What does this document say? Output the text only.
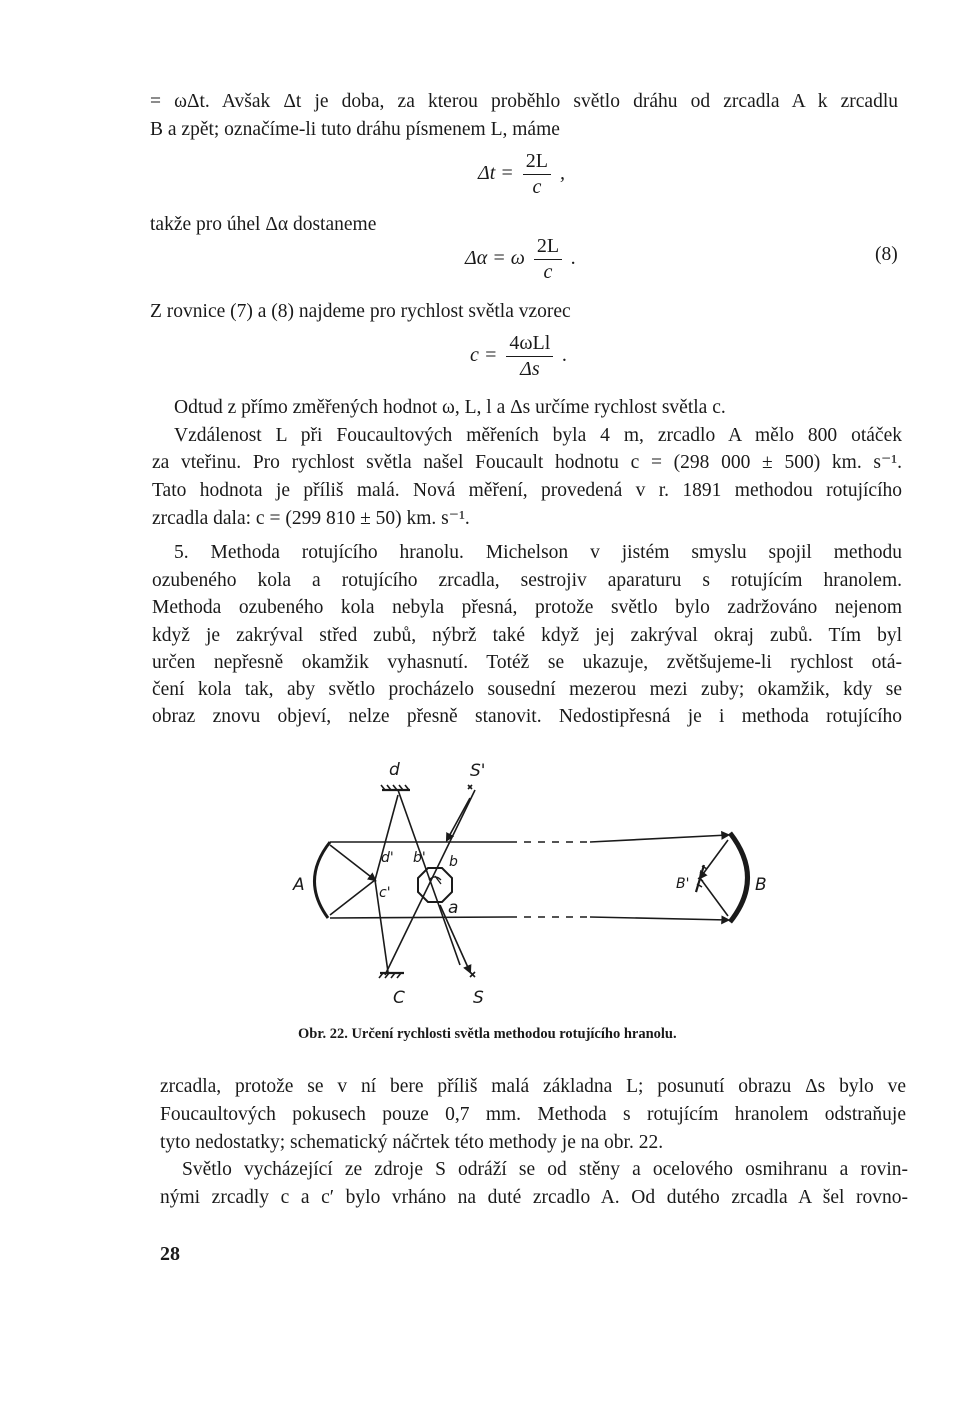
= ωΔt. Avšak Δt je doba, za kterou proběhlo světlo dráhu od zrcadla A k zrcadlu
B a zpět; označíme-li tuto dráhu písmenem L, máme
$\Delta t = \frac{2L}{c}$ ,
takže pro úhel Δα dostaneme
Δα = ω $\frac{2L}{c}$ .	(8)
Z rovnice (7) a (8) najdeme pro rychlost světla vzorec
$c = \frac{\text{4ωLl}}{\Delta s}$ .
Odtud z přímo změřených hodnot ω, L, l a Δs určíme rychlost světla c.
Vzdálenost L při Foucaultových měřeních byla 4 m, zrcadlo A mělo 800 otáček
za vteřinu. Pro rychlost světla našel Foucault hodnotu c = (298 000 ± 500) km. s⁻¹.
Tato hodnota je příliš malá. Nová měření, provedená v r. 1891 methodou rotujícího
zrcadla dala: c = (299 810 ± 50) km. s⁻¹.
5. Methoda rotujícího hranolu. Michelson v jistém smyslu spojil methodu
ozubeného kola a rotujícího zrcadla, sestrojiv aparaturu s rotujícím hranolem.
Methoda ozubeného kola nebyla přesná, protože světlo bylo zadržováno nejenom
když je zakrýval střed zubů, nýbrž také když jej zakrýval okraj zubů. Tím byl
určen nepřesně okamžik vyhasnutí. Totéž se ukazuje, zvětšujeme-li rychlost otá-
čení kola tak, aby světlo procházelo sousední mezerou mezi zuby; okamžik, kdy se
obraz znovu objeví, nelze přesně stanovit. Nedostipřesná je i methoda rotujícího
d	S'
A	B
d' b' b
c'
a
B'
C	S
Obr. 22. Určení rychlosti světla methodou rotujícího hranolu.
zrcadla, protože se v ní bere příliš malá základna L; posunutí obrazu Δs bylo ve
Foucaultových pokusech pouze 0,7 mm. Methoda s rotujícím hranolem odstraňuje
tyto nedostatky; schematický náčrtek této methody je na obr. 22.
Světlo vycházející ze zdroje S odráží se od stěny a ocelového osmihranu a rovin-
nými zrcadly c a c′ bylo vrháno na duté zrcadlo A. Od dutého zrcadla A šel rovno-
28
